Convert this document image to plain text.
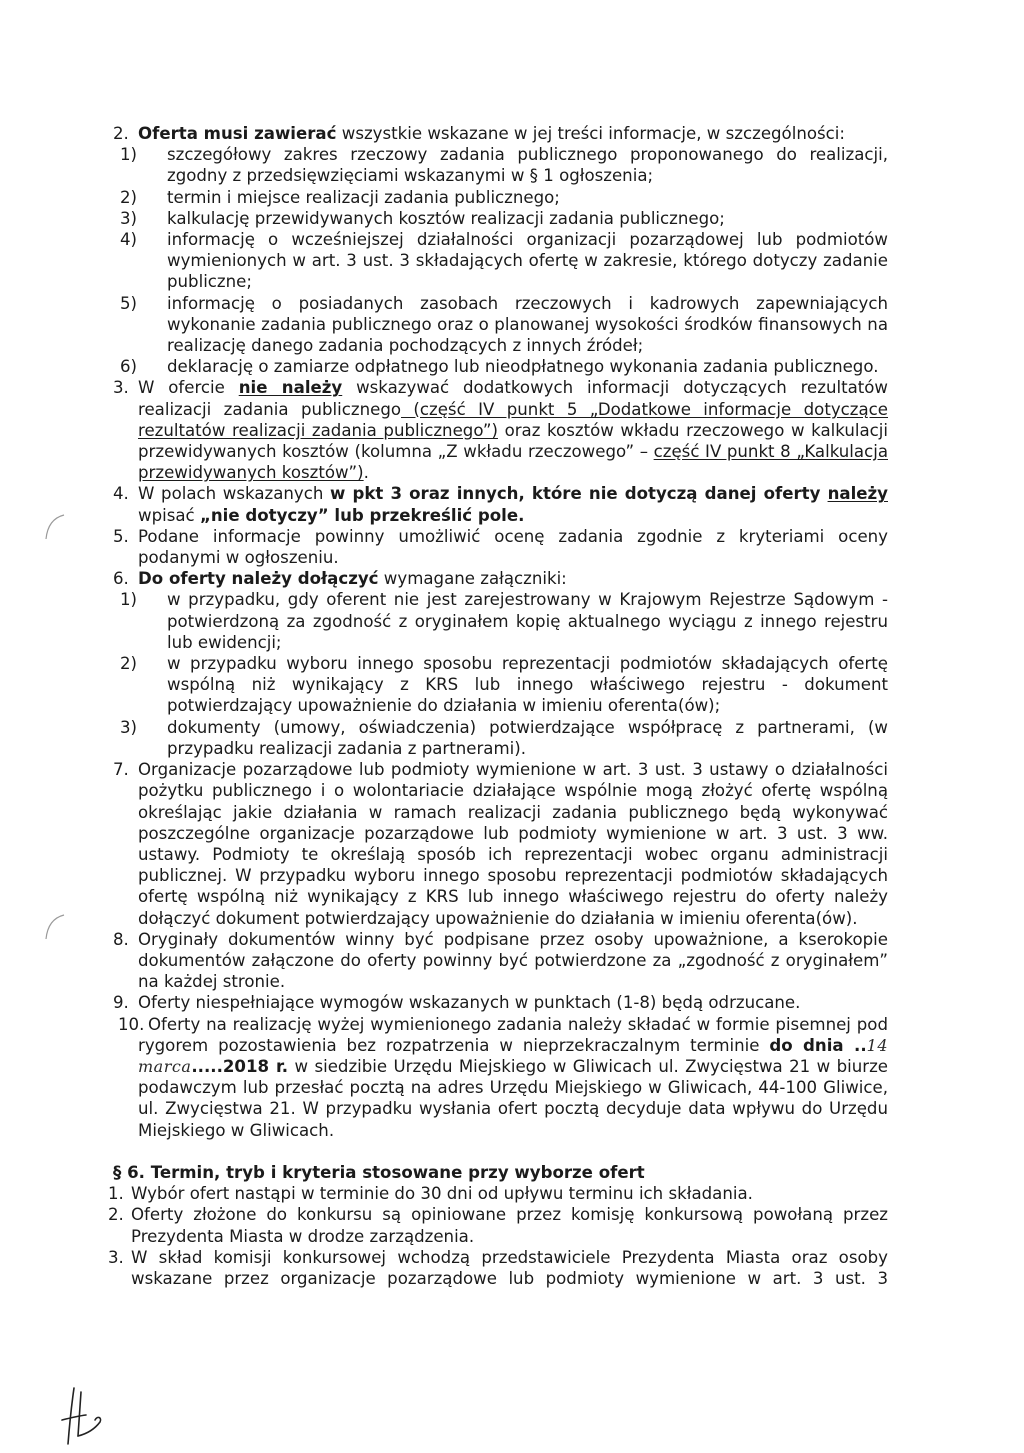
2. Oferta musi zawierać wszystkie wskazane w jej treści informacje, w szczególności:
1) szczegółowy zakres rzeczowy zadania publicznego proponowanego do realizacji, zgodny z przedsięwzięciami wskazanymi w § 1 ogłoszenia;
2) termin i miejsce realizacji zadania publicznego;
3) kalkulację przewidywanych kosztów realizacji zadania publicznego;
4) informację o wcześniejszej działalności organizacji pozarządowej lub podmiotów wymienionych w art. 3 ust. 3 składających ofertę w zakresie, którego dotyczy zadanie publiczne;
5) informację o posiadanych zasobach rzeczowych i kadrowych zapewniających wykonanie zadania publicznego oraz o planowanej wysokości środków finansowych na realizację danego zadania pochodzących z innych źródeł;
6) deklarację o zamiarze odpłatnego lub nieodpłatnego wykonania zadania publicznego.
3. W ofercie nie należy wskazywać dodatkowych informacji dotyczących rezultatów realizacji zadania publicznego (część IV punkt 5 „Dodatkowe informacje dotyczące rezultatów realizacji zadania publicznego”) oraz kosztów wkładu rzeczowego w kalkulacji przewidywanych kosztów (kolumna „Z wkładu rzeczowego” – część IV punkt 8 „Kalkulacja przewidywanych kosztów”).
4. W polach wskazanych w pkt 3 oraz innych, które nie dotyczą danej oferty należy wpisać „nie dotyczy” lub przekreślić pole.
5. Podane informacje powinny umożliwić ocenę zadania zgodnie z kryteriami oceny podanymi w ogłoszeniu.
6. Do oferty należy dołączyć wymagane załączniki:
1) w przypadku, gdy oferent nie jest zarejestrowany w Krajowym Rejestrze Sądowym - potwierdzoną za zgodność z oryginałem kopię aktualnego wyciągu z innego rejestru lub ewidencji;
2) w przypadku wyboru innego sposobu reprezentacji podmiotów składających ofertę wspólną niż wynikający z KRS lub innego właściwego rejestru - dokument potwierdzający upoważnienie do działania w imieniu oferenta(ów);
3) dokumenty (umowy, oświadczenia) potwierdzające współpracę z partnerami, (w przypadku realizacji zadania z partnerami).
7. Organizacje pozarządowe lub podmioty wymienione w art. 3 ust. 3 ustawy o działalności pożytku publicznego i o wolontariacie działające wspólnie mogą złożyć ofertę wspólną określając jakie działania w ramach realizacji zadania publicznego będą wykonywać poszczególne organizacje pozarządowe lub podmioty wymienione w art. 3 ust. 3 ww. ustawy. Podmioty te określają sposób ich reprezentacji wobec organu administracji publicznej. W przypadku wyboru innego sposobu reprezentacji podmiotów składających ofertę wspólną niż wynikający z KRS lub innego właściwego rejestru do oferty należy dołączyć dokument potwierdzający upoważnienie do działania w imieniu oferenta(ów).
8. Oryginały dokumentów winny być podpisane przez osoby upoważnione, a kserokopie dokumentów załączone do oferty powinny być potwierdzone za „zgodność z oryginałem” na każdej stronie.
9. Oferty niespełniające wymogów wskazanych w punktach (1-8) będą odrzucane.
10. Oferty na realizację wyżej wymienionego zadania należy składać w formie pisemnej pod rygorem pozostawienia bez rozpatrzenia w nieprzekraczalnym terminie do dnia ..14 marca.....2018 r. w siedzibie Urzędu Miejskiego w Gliwicach ul. Zwycięstwa 21 w biurze podawczym lub przesłać pocztą na adres Urzędu Miejskiego w Gliwicach, 44-100 Gliwice, ul. Zwycięstwa 21. W przypadku wysłania ofert pocztą decyduje data wpływu do Urzędu Miejskiego w Gliwicach.
§ 6. Termin, tryb i kryteria stosowane przy wyborze ofert
1. Wybór ofert nastąpi w terminie do 30 dni od upływu terminu ich składania.
2. Oferty złożone do konkursu są opiniowane przez komisję konkursową powołaną przez Prezydenta Miasta w drodze zarządzenia.
3. W skład komisji konkursowej wchodzą przedstawiciele Prezydenta Miasta oraz osoby wskazane przez organizacje pozarządowe lub podmioty wymienione w art. 3 ust. 3
